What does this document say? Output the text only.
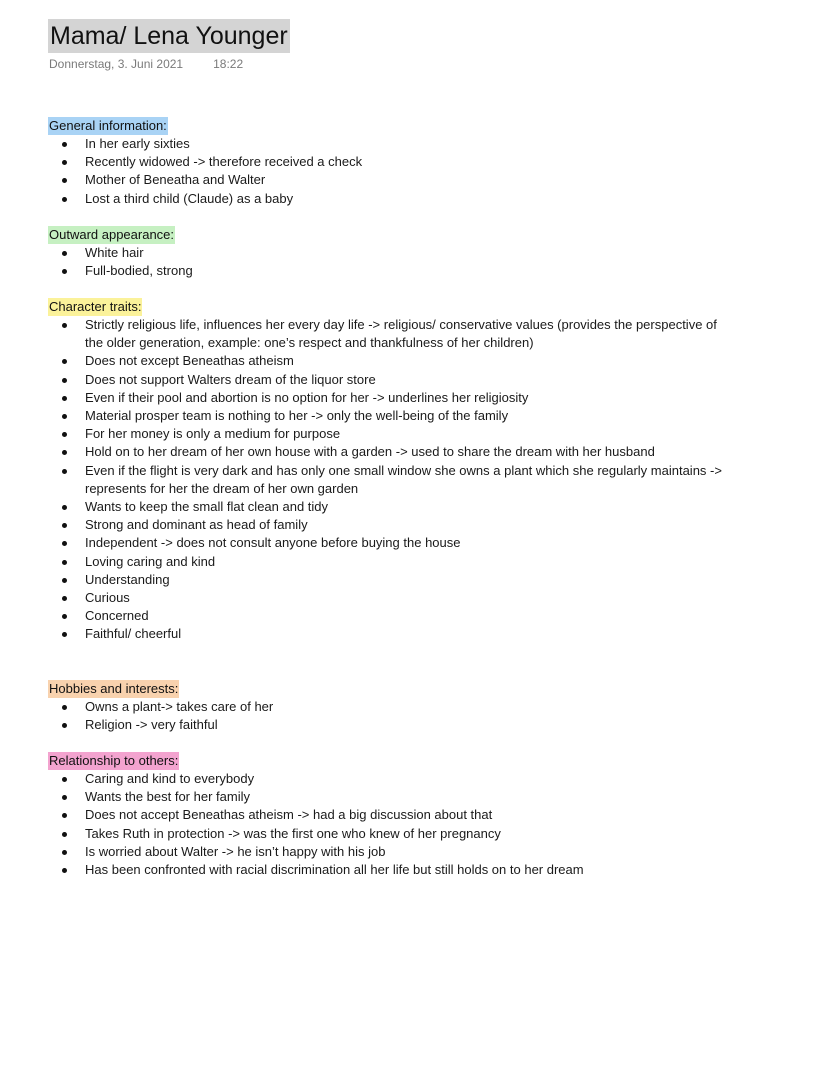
Mama/ Lena Younger
Donnerstag, 3. Juni 2021	18:22
General information:
In her early sixties
Recently widowed -> therefore received a check
Mother of Beneatha and Walter
Lost a third child (Claude) as a baby
Outward appearance:
White hair
Full-bodied, strong
Character traits:
Strictly religious life, influences her every day life -> religious/ conservative values (provides the perspective of the older generation, example: one’s respect and thankfulness of her children)
Does not except Beneathas atheism
Does not support Walters dream of the liquor store
Even if their pool and abortion is no option for her -> underlines her religiosity
Material prosper team is nothing to her -> only the well-being of the family
For her money is only a medium for purpose
Hold on to her dream of her own house with a garden -> used to share the dream with her husband
Even if the flight is very dark and has only one small window she owns a plant which she regularly maintains -> represents for her the dream of her own garden
Wants to keep the small flat clean and tidy
Strong and dominant as head of family
Independent -> does not consult anyone before buying the house
Loving caring and kind
Understanding
Curious
Concerned
Faithful/ cheerful
Hobbies and interests:
Owns a plant-> takes care of her
Religion -> very faithful
Relationship to others:
Caring and kind to everybody
Wants the best for her family
Does not accept Beneathas atheism -> had a big discussion about that
Takes Ruth in protection -> was the first one who knew of her pregnancy
Is worried about Walter -> he isn’t happy with his job
Has been confronted with racial discrimination all her life but still holds on to her dream
